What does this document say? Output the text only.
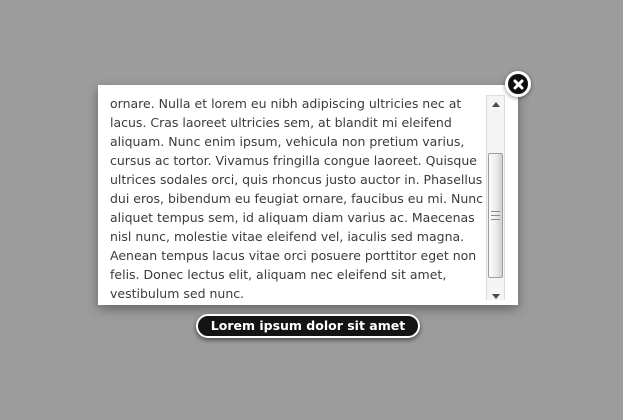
ornare. Nulla et lorem eu nibh adipiscing ultricies nec at lacus. Cras laoreet ultricies sem, at blandit mi eleifend aliquam. Nunc enim ipsum, vehicula non pretium varius, cursus ac tortor. Vivamus fringilla congue laoreet. Quisque ultrices sodales orci, quis rhoncus justo auctor in. Phasellus dui eros, bibendum eu feugiat ornare, faucibus eu mi. Nunc aliquet tempus sem, id aliquam diam varius ac. Maecenas nisl nunc, molestie vitae eleifend vel, iaculis sed magna. Aenean tempus lacus vitae orci posuere porttitor eget non felis. Donec lectus elit, aliquam nec eleifend sit amet, vestibulum sed nunc.
Lorem ipsum dolor sit amet
